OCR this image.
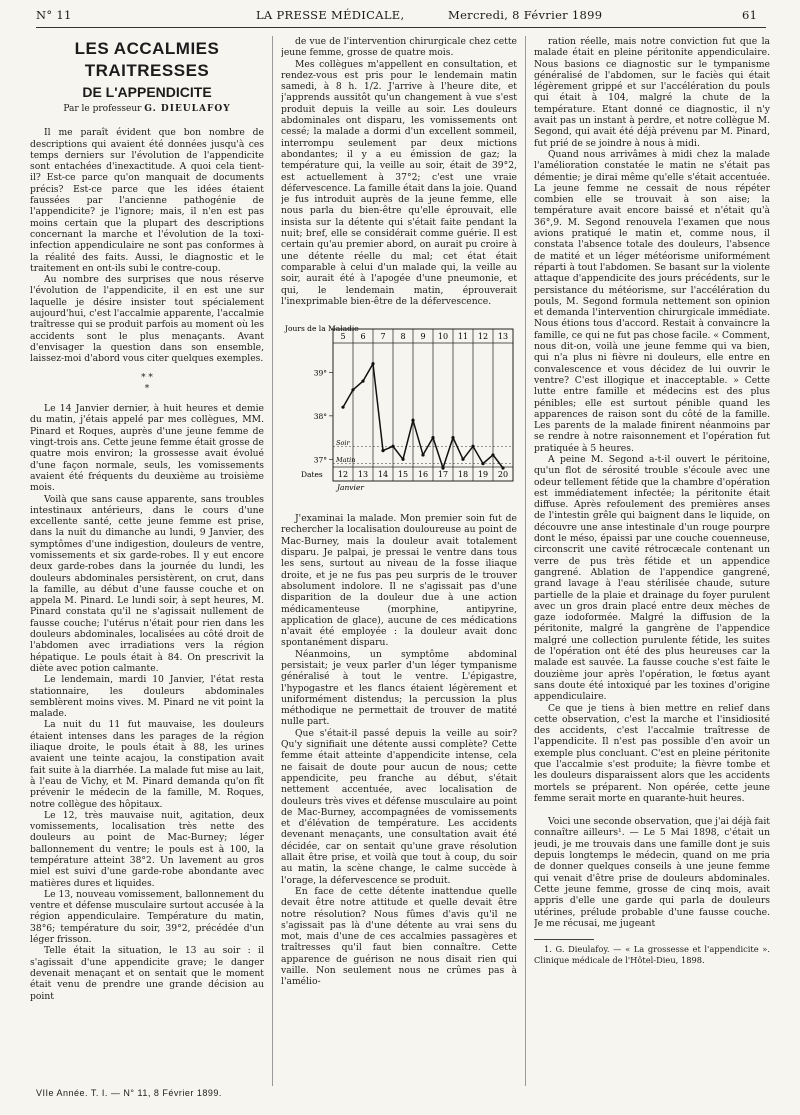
N° 11	LA PRESSE MÉDICALE,	Mercredi, 8 Février 1899	61
LES ACCALMIES TRAITRESSES
DE L'APPENDICITE
Par le professeur G. DIEULAFOY

Il me paraît évident que bon nombre de descriptions qui avaient été données jusqu'à ces temps derniers sur l'évolution de l'appendicite sont entachées d'inexactitude. A quoi cela tient-il? Est-ce parce qu'on manquait de documents précis? Est-ce parce que les idées étaient faussées par l'ancienne pathogénie de l'appendicite? je l'ignore; mais, il n'en est pas moins certain que la plupart des descriptions concernant la marche et l'évolution de la toxi-infection appendiculaire ne sont pas conformes à la réalité des faits. Aussi, le diagnostic et le traitement en ont-ils subi le contre-coup.

Au nombre des surprises que nous réserve l'évolution de l'appendicite, il en est une sur laquelle je désire insister tout spécialement aujourd'hui, c'est l'accalmie apparente, l'accalmie traîtresse qui se produit parfois au moment où les accidents sont le plus menaçants. Avant d'envisager la question dans son ensemble, laissez-moi d'abord vous citer quelques exemples.

* *
*

Le 14 Janvier dernier, à huit heures et demie du matin, j'étais appelé par mes collègues, MM. Pinard et Roques, auprès d'une jeune femme de vingt-trois ans. Cette jeune femme était grosse de quatre mois environ; la grossesse avait évolué d'une façon normale, seuls, les vomissements avaient été fréquents du deuxième au troisième mois.

Voilà que sans cause apparente, sans troubles intestinaux antérieurs, dans le cours d'une excellente santé, cette jeune femme est prise, dans la nuit du dimanche au lundi, 9 Janvier, des symptômes d'une indigestion, douleurs de ventre, vomissements et six garde-robes. Il y eut encore deux garde-robes dans la journée du lundi, les douleurs abdominales persistèrent, on crut, dans la famille, au début d'une fausse couche et on appela M. Pinard. Le lundi soir, à sept heures, M. Pinard constata qu'il ne s'agissait nullement de fausse couche; l'utérus n'était pour rien dans les douleurs abdominales, localisées au côté droit de l'abdomen avec irradiations vers la région hépatique. Le pouls était à 84. On prescrivit la diète avec potion calmante.

Le lendemain, mardi 10 Janvier, l'état resta stationnaire, les douleurs abdominales semblèrent moins vives. M. Pinard ne vit point la malade.

La nuit du 11 fut mauvaise, les douleurs étaient intenses dans les parages de la région iliaque droite, le pouls était à 88, les urines avaient une teinte acajou, la constipation avait fait suite à la diarrhée. La malade fut mise au lait, à l'eau de Vichy, et M. Pinard demanda qu'on fît prévenir le médecin de la famille, M. Roques, notre collègue des hôpitaux.

Le 12, très mauvaise nuit, agitation, deux vomissements, localisation très nette des douleurs au point de Mac-Burney; léger ballonnement du ventre; le pouls est à 100, la température atteint 38°2. Un lavement au gros miel est suivi d'une garde-robe abondante avec matières dures et liquides.

Le 13, nouveau vomissement, ballonnement du ventre et défense musculaire surtout accusée à la région appendiculaire. Température du matin, 38°6; température du soir, 39°2, précédée d'un léger frisson.

Telle était la situation, le 13 au soir : il s'agissait d'une appendicite grave; le danger devenait menaçant et on sentait que le moment était venu de prendre une grande décision au point

de vue de l'intervention chirurgicale chez cette jeune femme, grosse de quatre mois.

Mes collègues m'appellent en consultation, et rendez-vous est pris pour le lendemain matin samedi, à 8 h. 1/2. J'arrive à l'heure dite, et j'apprends aussitôt qu'un changement à vue s'est produit depuis la veille au soir. Les douleurs abdominales ont disparu, les vomissements ont cessé; la malade a dormi d'un excellent sommeil, interrompu seulement par deux mictions abondantes; il y a eu émission de gaz; la température qui, la veille au soir, était de 39°2, est actuellement à 37°2; c'est une vraie défervescence. La famille était dans la joie. Quand je fus introduit auprès de la jeune femme, elle nous parla du bien-être qu'elle éprouvait, elle insista sur la détente qui s'était faite pendant la nuit; bref, elle se considérait comme guérie. Il est certain qu'au premier abord, on aurait pu croire à une détente réelle du mal; cet état était comparable à celui d'un malade qui, la veille au soir, aurait été à l'apogée d'une pneumonie, et qui, le lendemain matin, éprouverait l'inexprimable bien-être de la défervescence.

5 6 7 8 9 10 11 12 13
12 13 14 15 16 17 18 19 20
Jours de la Maladie
Dates
Janvier
39°
38°
37°
Soir
Matin

J'examinai la malade. Mon premier soin fut de rechercher la localisation douloureuse au point de Mac-Burney, mais la douleur avait totalement disparu. Je palpai, je pressai le ventre dans tous les sens, surtout au niveau de la fosse iliaque droite, et je ne fus pas peu surpris de le trouver absolument indolore. Il ne s'agissait pas d'une disparition de la douleur due à une action médicamenteuse (morphine, antipyrine, application de glace), aucune de ces médications n'avait été employée : la douleur avait donc spontanément disparu.

Néanmoins, un symptôme abdominal persistait; je veux parler d'un léger tympanisme généralisé à tout le ventre. L'épigastre, l'hypogastre et les flancs étaient légèrement et uniformément distendus; la percussion la plus méthodique ne permettait de trouver de matité nulle part.

Que s'était-il passé depuis la veille au soir? Qu'y signifiait une détente aussi complète? Cette femme était atteinte d'appendicite intense, cela ne faisait de doute pour aucun de nous; cette appendicite, peu franche au début, s'était nettement accentuée, avec localisation de douleurs très vives et défense musculaire au point de Mac-Burney, accompagnées de vomissements et d'élévation de température. Les accidents devenant menaçants, une consultation avait été décidée, car on sentait qu'une grave résolution allait être prise, et voilà que tout à coup, du soir au matin, la scène change, le calme succède à l'orage, la défervescence se produit.

En face de cette détente inattendue quelle devait être notre attitude et quelle devait être notre résolution? Nous fûmes d'avis qu'il ne s'agissait pas là d'une détente au vrai sens du mot, mais d'une de ces accalmies passagères et traîtresses qu'il faut bien connaître. Cette apparence de guérison ne nous disait rien qui vaille. Non seulement nous ne crûmes pas à l'amélio-

ration réelle, mais notre conviction fut que la malade était en pleine péritonite appendiculaire. Nous basions ce diagnostic sur le tympanisme généralisé de l'abdomen, sur le faciès qui était légèrement grippé et sur l'accélération du pouls qui était à 104, malgré la chute de la température. Etant donné ce diagnostic, il n'y avait pas un instant à perdre, et notre collègue M. Segond, qui avait été déjà prévenu par M. Pinard, fut prié de se joindre à nous à midi.

Quand nous arrivâmes à midi chez la malade l'amélioration constatée le matin ne s'était pas démentie; je dirai même qu'elle s'était accentuée. La jeune femme ne cessait de nous répéter combien elle se trouvait à son aise; la température avait encore baissé et n'était qu'à 36°,9. M. Segond renouvela l'examen que nous avions pratiqué le matin et, comme nous, il constata l'absence totale des douleurs, l'absence de matité et un léger météorisme uniformément réparti à tout l'abdomen. Se basant sur la violente attaque d'appendicite des jours précédents, sur le persistance du météorisme, sur l'accélération du pouls, M. Segond formula nettement son opinion et demanda l'intervention chirurgicale immédiate. Nous étions tous d'accord. Restait à convaincre la famille, ce qui ne fut pas chose facile. « Comment, nous dit-on, voilà une jeune femme qui va bien, qui n'a plus ni fièvre ni douleurs, elle entre en convalescence et vous décidez de lui ouvrir le ventre? C'est illogique et inacceptable. » Cette lutte entre famille et médecins est des plus pénibles; elle est surtout pénible quand les apparences de raison sont du côté de la famille. Les parents de la malade finirent néanmoins par se rendre à notre raisonnement et l'opération fut pratiquée à 5 heures.

A peine M. Segond a-t-il ouvert le péritoine, qu'un flot de sérosité trouble s'écoule avec une odeur tellement fétide que la chambre d'opération est immédiatement infectée; la péritonite était diffuse. Après refoulement des premières anses de l'intestin grêle qui baignent dans le liquide, on découvre une anse intestinale d'un rouge pourpre dont le méso, épaissi par une couche couenneuse, circonscrit une cavité rétrocæcale contenant un verre de pus très fétide et un appendice gangrené. Ablation de l'appendice gangrené, grand lavage à l'eau stérilisée chaude, suture partielle de la plaie et drainage du foyer purulent avec un gros drain placé entre deux mèches de gaze iodoformée. Malgré la diffusion de la péritonite, malgré la gangrène de l'appendice malgré une collection purulente fétide, les suites de l'opération ont été des plus heureuses car la malade est sauvée. La fausse couche s'est faite le douzième jour après l'opération, le fœtus ayant sans doute été intoxiqué par les toxines d'origine appendiculaire.

Ce que je tiens à bien mettre en relief dans cette observation, c'est la marche et l'insidiosité des accidents, c'est l'accalmie traîtresse de l'appendicite. Il n'est pas possible d'en avoir un exemple plus concluant. C'est en pleine péritonite que l'accalmie s'est produite; la fièvre tombe et les douleurs disparaissent alors que les accidents mortels se préparent. Non opérée, cette jeune femme serait morte en quarante-huit heures.

Voici une seconde observation, que j'ai déjà fait connaître ailleurs¹. — Le 5 Mai 1898, c'était un jeudi, je me trouvais dans une famille dont je suis depuis longtemps le médecin, quand on me pria de donner quelques conseils à une jeune femme qui venait d'être prise de douleurs abdominales. Cette jeune femme, grosse de cinq mois, avait appris d'elle une garde qui parla de douleurs utérines, prélude probable d'une fausse couche. Je me récusai, me jugeant

1. G. Dieulafoy. — « La grossesse et l'appendicite ». Clinique médicale de l'Hôtel-Dieu, 1898.

VIIe Année. T. I. — N° 11, 8 Février 1899.
